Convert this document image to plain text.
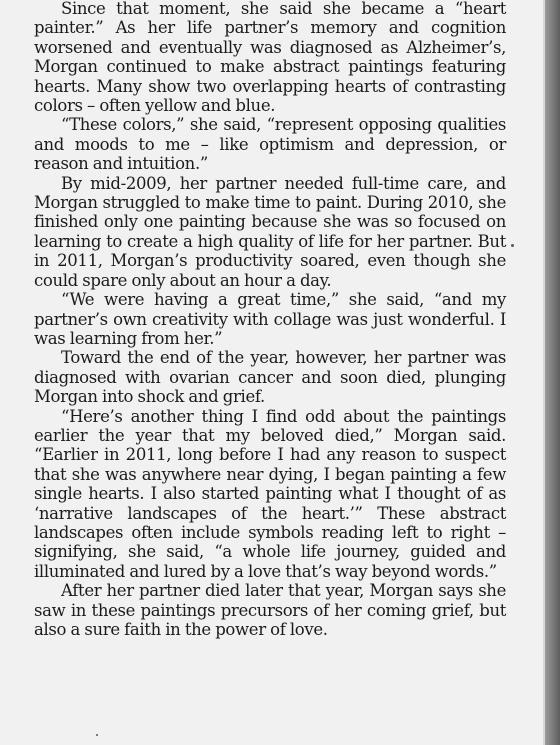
Since that moment, she said she became a “heart painter.” As her life partner’s memory and cognition worsened and eventually was diagnosed as Alzheimer’s, Morgan continued to make abstract paintings featuring hearts. Many show two overlapping hearts of contrasting colors – often yellow and blue.

“These colors,” she said, “represent opposing qualities and moods to me – like optimism and depression, or reason and intuition.”

By mid-2009, her partner needed full-time care, and Morgan struggled to make time to paint. During 2010, she finished only one painting because she was so focused on learning to create a high quality of life for her partner. But in 2011, Morgan’s productivity soared, even though she could spare only about an hour a day.

“We were having a great time,” she said, “and my partner’s own creativity with collage was just wonderful. I was learning from her.”

Toward the end of the year, however, her partner was diagnosed with ovarian cancer and soon died, plunging Morgan into shock and grief.

“Here’s another thing I find odd about the paintings earlier the year that my beloved died,” Morgan said. “Earlier in 2011, long before I had any reason to suspect that she was anywhere near dying, I began painting a few single hearts. I also started painting what I thought of as ‘narrative landscapes of the heart.’” These abstract landscapes often include symbols reading left to right – signifying, she said, “a whole life journey, guided and illuminated and lured by a love that’s way beyond words.”

After her partner died later that year, Morgan says she saw in these paintings precursors of her coming grief, but also a sure faith in the power of love.
